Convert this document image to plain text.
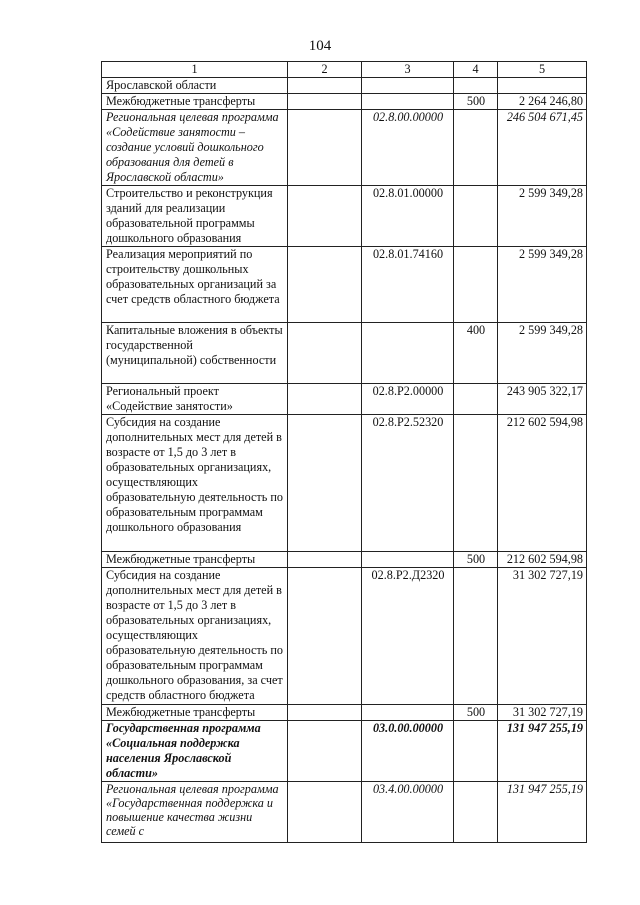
104
1	2	3	4	5
Ярославской области				
Межбюджетные трансферты			500	2 264 246,80
Региональная целевая программа «Содействие занятости – создание условий дошкольного образования для детей в Ярославской области»		02.8.00.00000		246 504 671,45
Строительство и реконструкция зданий для реализации образовательной программы дошкольного образования		02.8.01.00000		2 599 349,28
Реализация мероприятий по строительству дошкольных образовательных организаций за счет средств областного бюджета		02.8.01.74160		2 599 349,28
Капитальные вложения в объекты государственной (муниципальной) собственности			400	2 599 349,28
Региональный проект «Содействие занятости»		02.8.Р2.00000		243 905 322,17
Субсидия на создание дополнительных мест для детей в возрасте от 1,5 до 3 лет в образовательных организациях, осуществляющих образовательную деятельность по образовательным программам дошкольного образования		02.8.Р2.52320		212 602 594,98
Межбюджетные трансферты			500	212 602 594,98
Субсидия на создание дополнительных мест для детей в возрасте от 1,5 до 3 лет в образовательных организациях, осуществляющих образовательную деятельность по образовательным программам дошкольного образования, за счет средств областного бюджета		02.8.Р2.Д2320		31 302 727,19
Межбюджетные трансферты			500	31 302 727,19
Государственная программа «Социальная поддержка населения Ярославской области»		03.0.00.00000		131 947 255,19
Региональная целевая программа «Государственная поддержка и повышение качества жизни семей с		03.4.00.00000		131 947 255,19
